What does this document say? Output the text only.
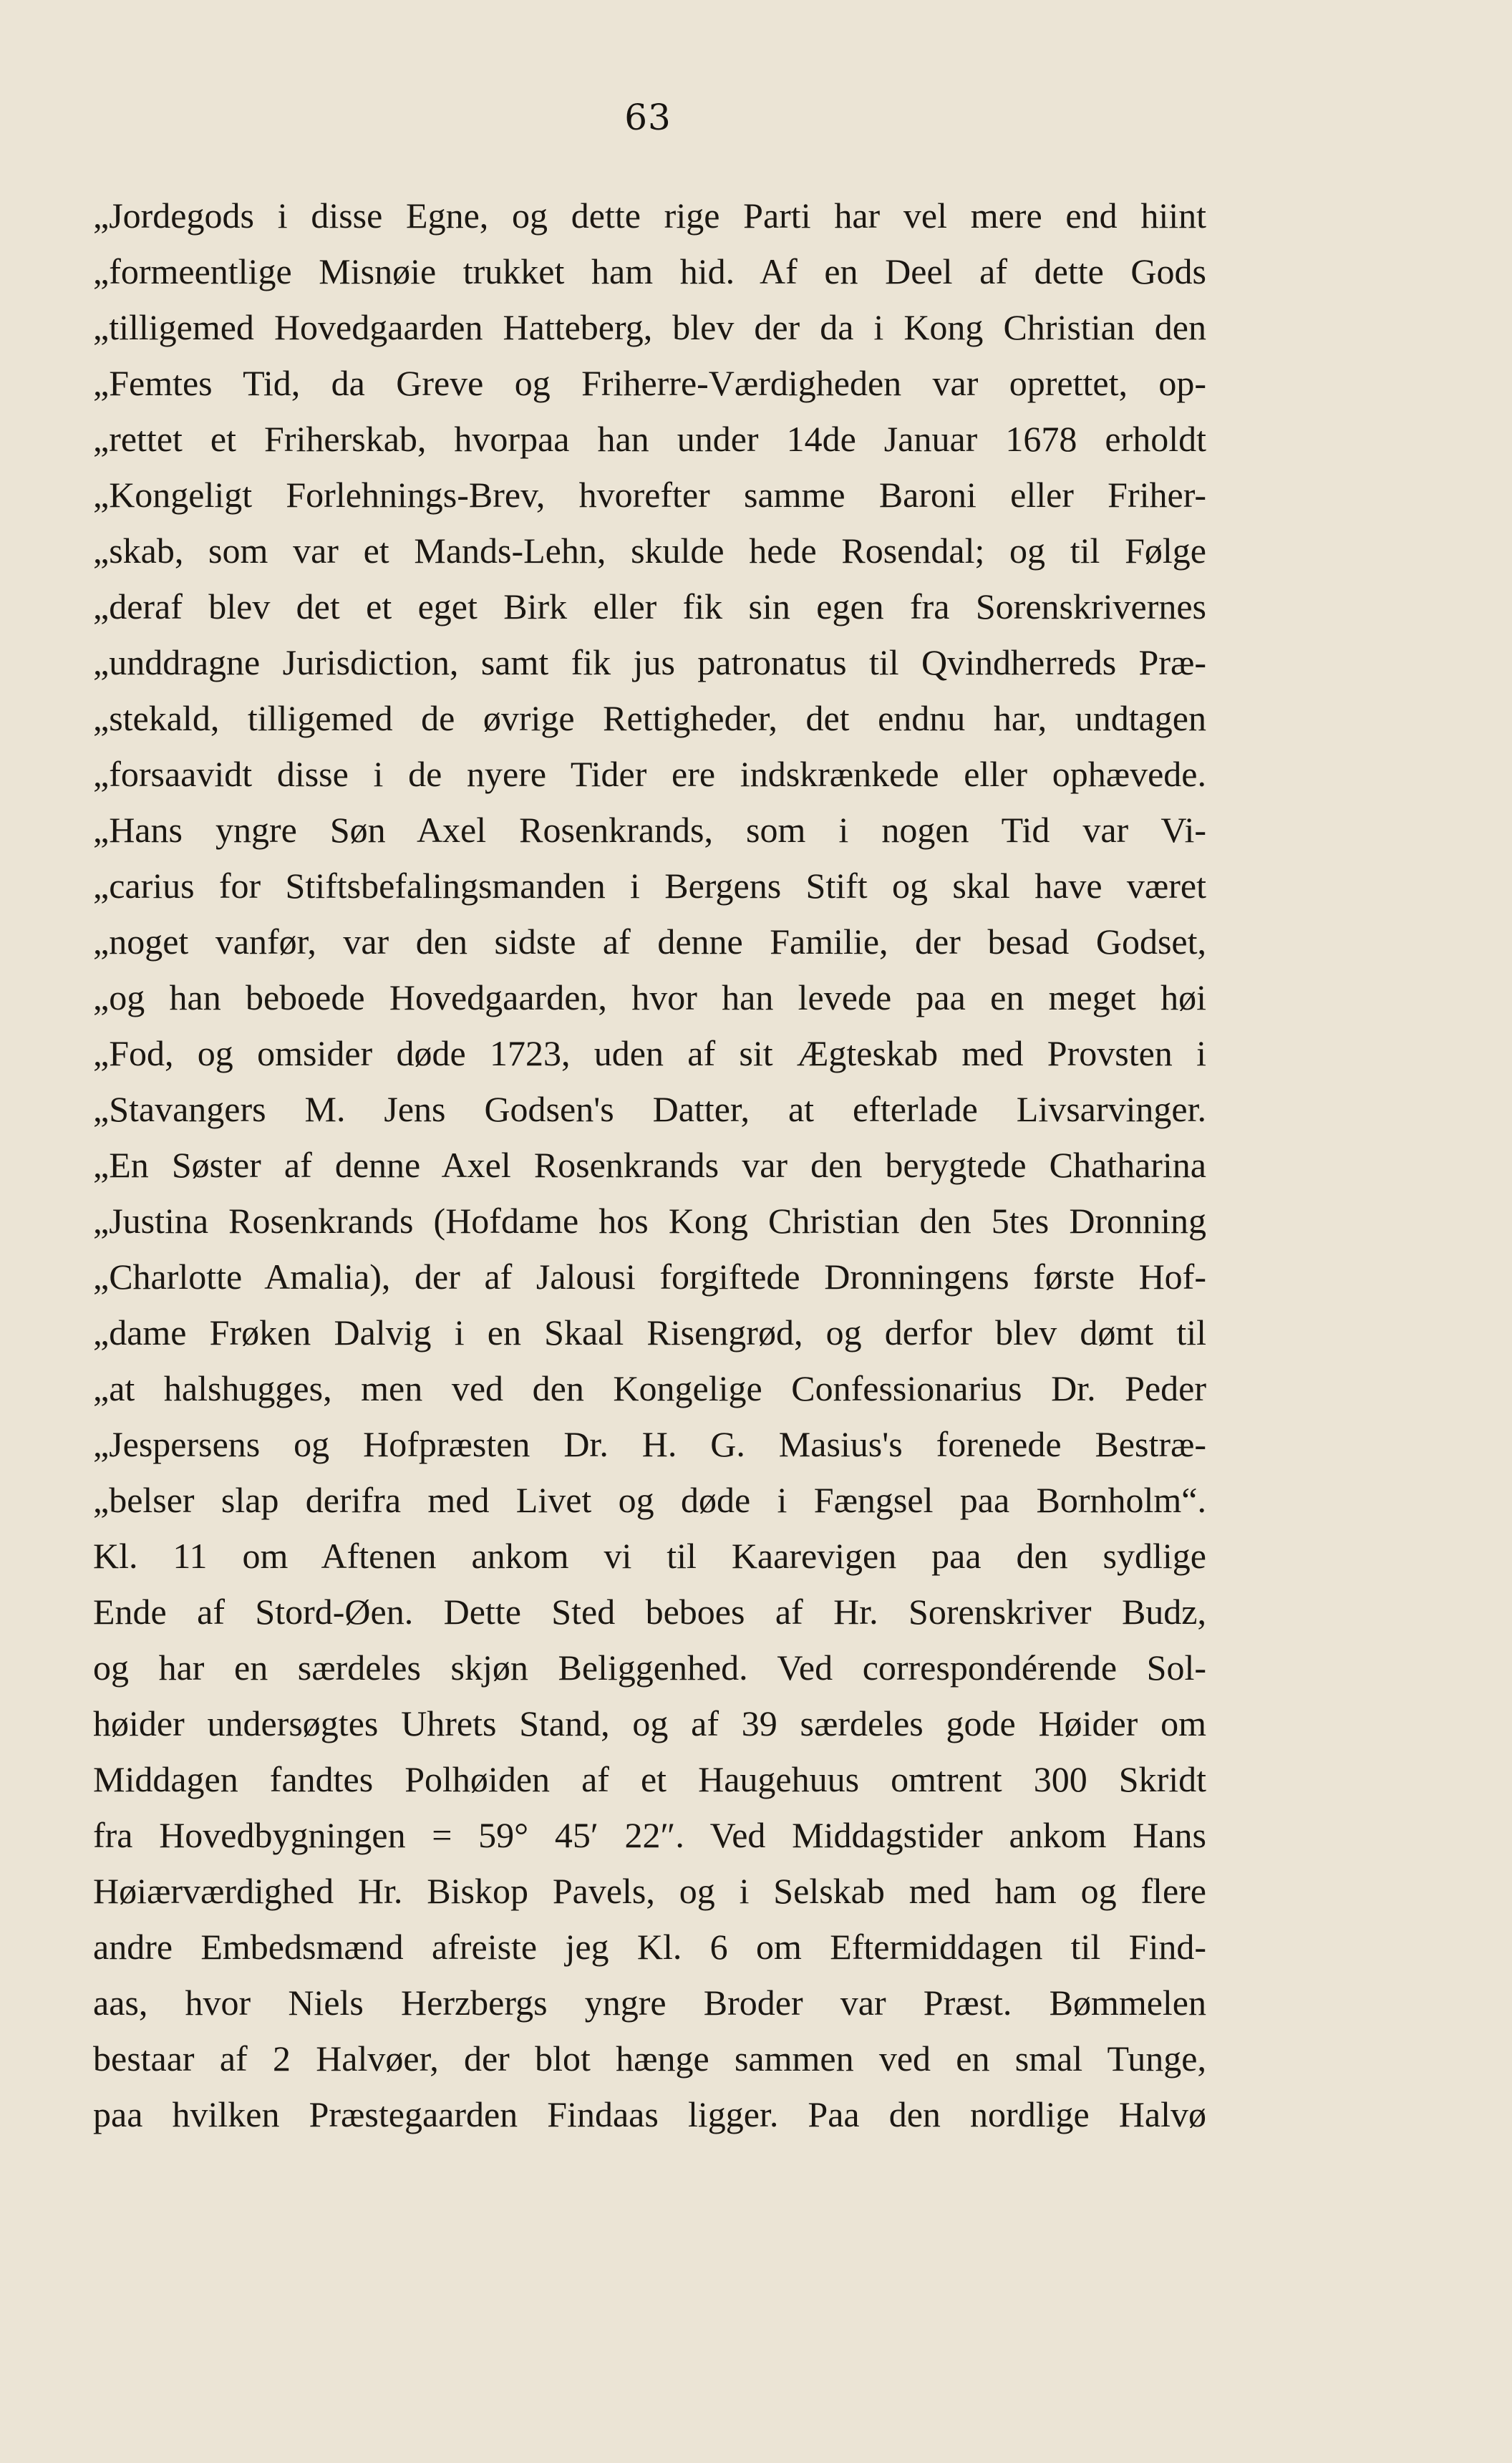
63
„Jordegods i disse Egne, og dette rige Parti har vel mere end hiint
„formeentlige Misnøie trukket ham hid. Af en Deel af dette Gods
„tilligemed Hovedgaarden Hatteberg, blev der da i Kong Christian den
„Femtes Tid, da Greve og Friherre-Værdigheden var oprettet, op-
„rettet et Friherskab, hvorpaa han under 14de Januar 1678 erholdt
„Kongeligt Forlehnings-Brev, hvorefter samme Baroni eller Friher-
„skab, som var et Mands-Lehn, skulde hede Rosendal; og til Følge
„deraf blev det et eget Birk eller fik sin egen fra Sorenskrivernes
„unddragne Jurisdiction, samt fik jus patronatus til Qvindherreds Præ-
„stekald, tilligemed de øvrige Rettigheder, det endnu har, undtagen
„forsaavidt disse i de nyere Tider ere indskrænkede eller ophævede.
„Hans yngre Søn Axel Rosenkrands, som i nogen Tid var Vi-
„carius for Stiftsbefalingsmanden i Bergens Stift og skal have været
„noget vanfør, var den sidste af denne Familie, der besad Godset,
„og han beboede Hovedgaarden, hvor han levede paa en meget høi
„Fod, og omsider døde 1723, uden af sit Ægteskab med Provsten i
„Stavangers M. Jens Godsen's Datter, at efterlade Livsarvinger.
„En Søster af denne Axel Rosenkrands var den berygtede Chatharina
„Justina Rosenkrands (Hofdame hos Kong Christian den 5tes Dronning
„Charlotte Amalia), der af Jalousi forgiftede Dronningens første Hof-
„dame Frøken Dalvig i en Skaal Risengrød, og derfor blev dømt til
„at halshugges, men ved den Kongelige Confessionarius Dr. Peder
„Jespersens og Hofpræsten Dr. H. G. Masius's forenede Bestræ-
„belser slap derifra med Livet og døde i Fængsel paa Bornholm“.
Kl. 11 om Aftenen ankom vi til Kaarevigen paa den sydlige
Ende af Stord-Øen. Dette Sted beboes af Hr. Sorenskriver Budz,
og har en særdeles skjøn Beliggenhed. Ved correspondérende Sol-
høider undersøgtes Uhrets Stand, og af 39 særdeles gode Høider om
Middagen fandtes Polhøiden af et Haugehuus omtrent 300 Skridt
fra Hovedbygningen = 59° 45′ 22″. Ved Middagstider ankom Hans
Høiærværdighed Hr. Biskop Pavels, og i Selskab med ham og flere
andre Embedsmænd afreiste jeg Kl. 6 om Eftermiddagen til Find-
aas, hvor Niels Herzbergs yngre Broder var Præst. Bømmelen
bestaar af 2 Halvøer, der blot hænge sammen ved en smal Tunge,
paa hvilken Præstegaarden Findaas ligger. Paa den nordlige Halvø
